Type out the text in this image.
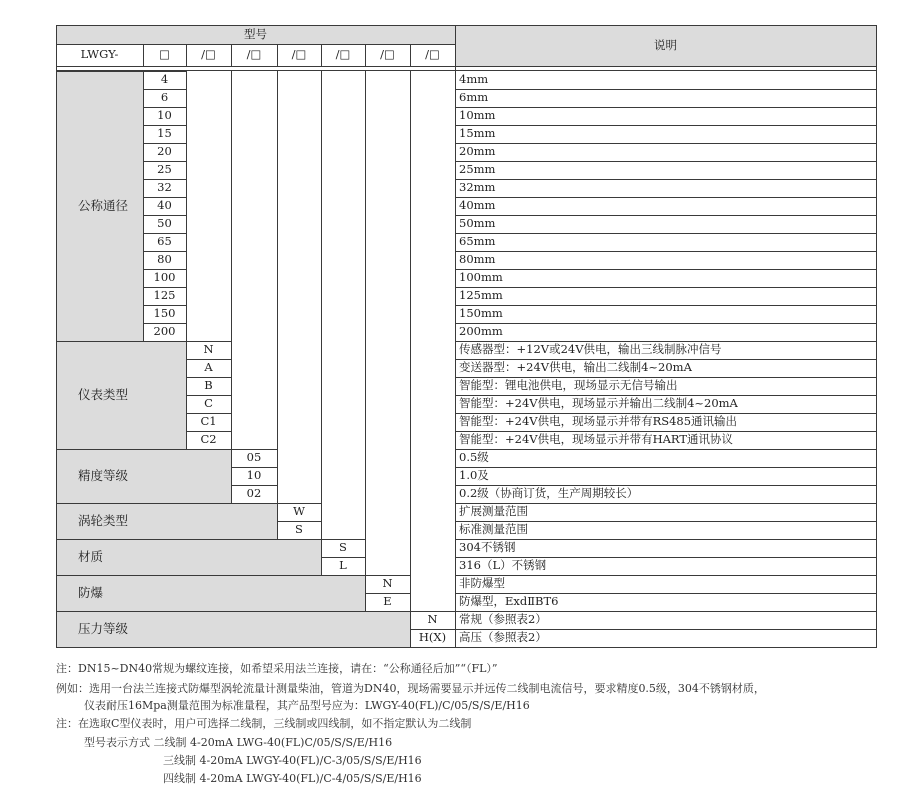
型号
说明
LWGY-	□	/□	/□	/□	/□	/□	/□
公称通径
4	4mm
6	6mm
10	10mm
15	15mm
20	20mm
25	25mm
32	32mm
40	40mm
50	50mm
65	65mm
80	80mm
100	100mm
125	125mm
150	150mm
200	200mm
仪表类型
N	传感器型：+12V或24V供电，输出三线制脉冲信号
A	变送器型：+24V供电，输出二线制4~20mA
B	智能型：锂电池供电，现场显示无信号输出
C	智能型：+24V供电，现场显示并输出二线制4~20mA
C1	智能型：+24V供电，现场显示并带有RS485通讯输出
C2	智能型：+24V供电，现场显示并带有HART通讯协议
精度等级
05	0.5级
10	1.0及
02	0.2级（协商订货，生产周期较长）
涡轮类型
W	扩展测量范围
S	标准测量范围
材质
S	304不锈钢
L	316（L）不锈钢
防爆
N	非防爆型
E	防爆型，ExdⅡBT6
压力等级
N	常规（参照表2）
H(X)	高压（参照表2）
注：DN15~DN40常规为螺纹连接，如希望采用法兰连接，请在：“公称通径后加”“（FL）”
例如：选用一台法兰连接式防爆型涡轮流量计测量柴油，管道为DN40，现场需要显示并远传二线制电流信号，要求精度0.5级，304不锈钢材质，
仪表耐压16Mpa测量范围为标准量程，其产品型号应为：LWGY-40(FL)/C/05/S/S/E/H16
注：在选取C型仪表时，用户可选择二线制，三线制或四线制，如不指定默认为二线制
型号表示方式 二线制 4-20mA LWG-40(FL)C/05/S/S/E/H16
三线制 4-20mA LWGY-40(FL)/C-3/05/S/S/E/H16
四线制 4-20mA LWGY-40(FL)/C-4/05/S/S/E/H16
